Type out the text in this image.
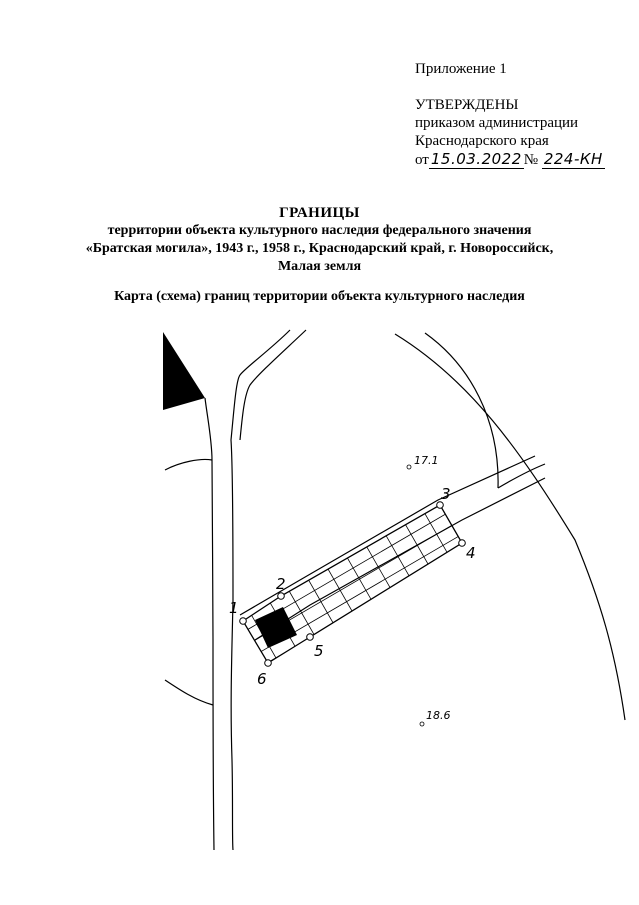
Приложение 1
УТВЕРЖДЕНЫ
приказом администрации
Краснодарского края
от 15.03.2022 № 224-КН
ГРАНИЦЫ
территории объекта культурного наследия федерального значения
«Братская могила», 1943 г., 1958 г., Краснодарский край, г. Новороссийск,
Малая земля
Карта (схема) границ территории объекта культурного наследия
1
2
3
4
5
6
17.1
18.6
